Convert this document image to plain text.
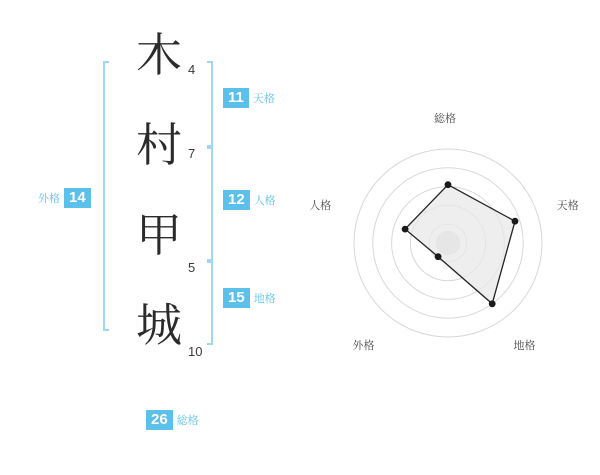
木
村
甲
城
4
7
5
10
11 天格
12 人格
15 地格
14
外格
26 総格
総格
天格
地格
外格
人格
